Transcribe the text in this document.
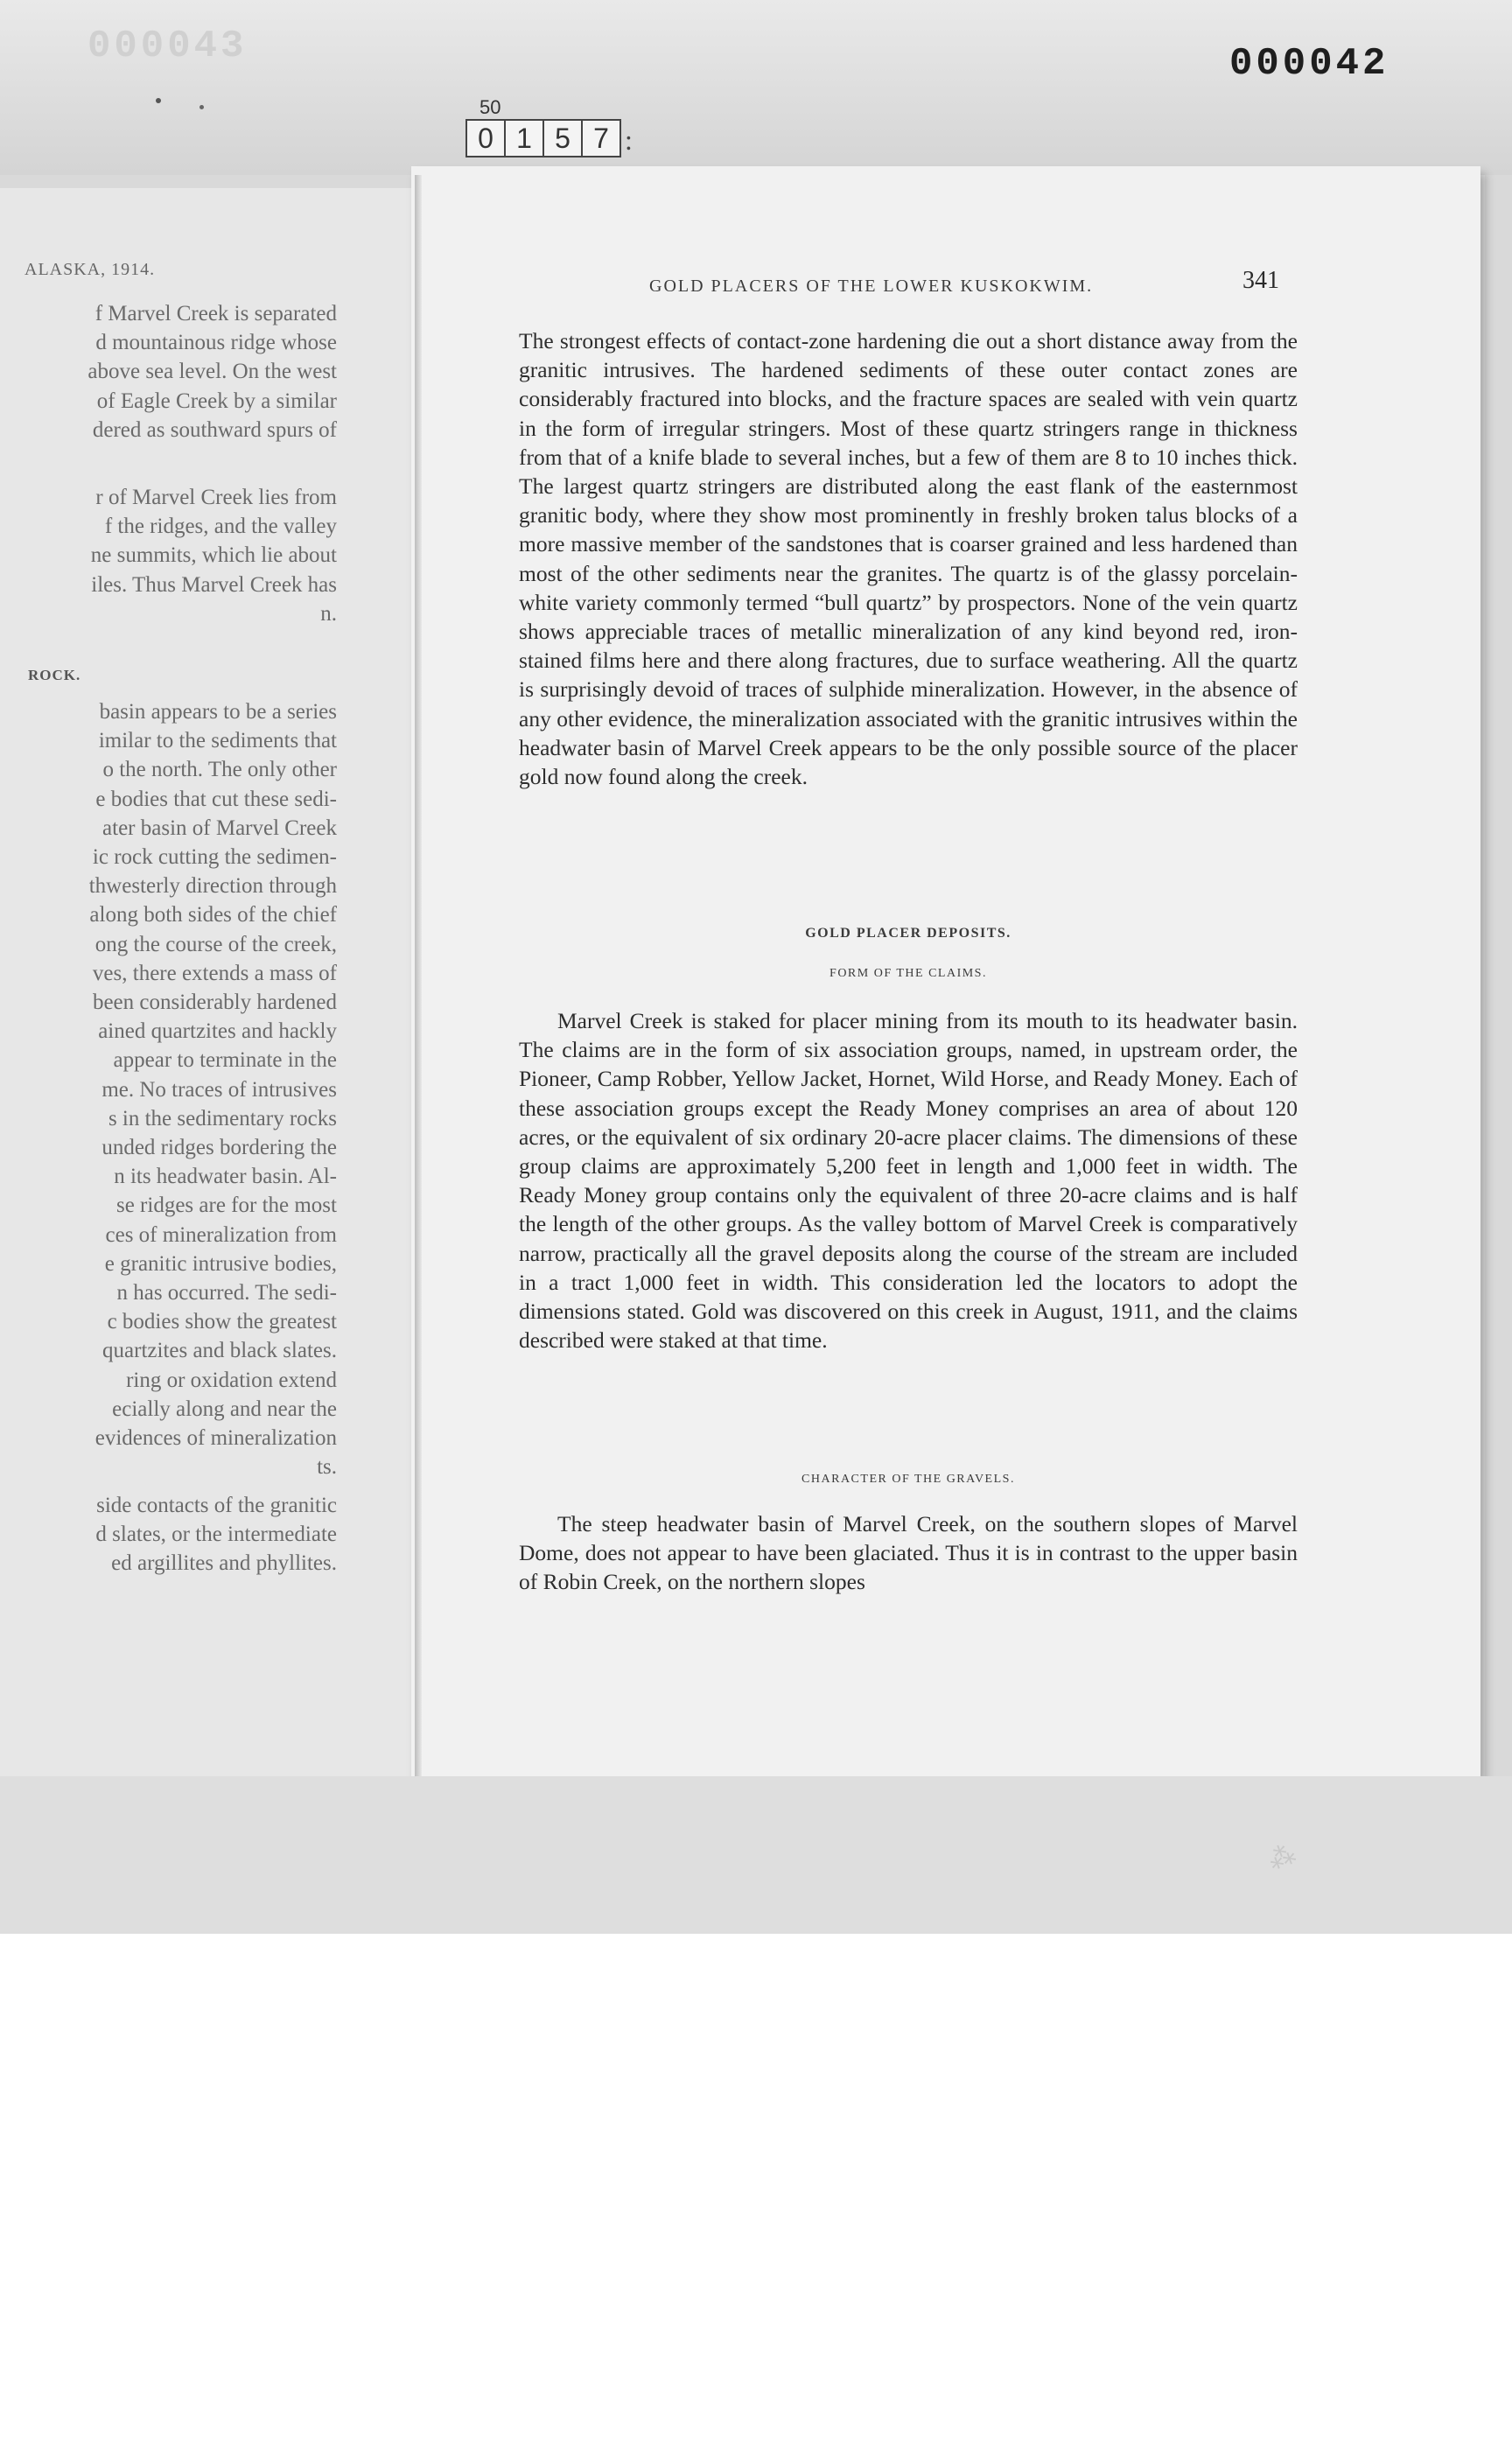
000043	000042
50
0 1 5 7 :
ALASKA, 1914.
ROCK.
GOLD PLACERS OF THE LOWER KUSKOKWIM.	341

The strongest effects of contact-zone hardening die out a short distance away from the granitic intrusives. The hardened sediments of these outer contact zones are considerably fractured into blocks, and the fracture spaces are sealed with vein quartz in the form of irregular stringers. Most of these quartz stringers range in thickness from that of a knife blade to several inches, but a few of them are 8 to 10 inches thick. The largest quartz stringers are distributed along the east flank of the easternmost granitic body, where they show most prominently in freshly broken talus blocks of a more massive member of the sandstones that is coarser grained and less hardened than most of the other sediments near the granites. The quartz is of the glassy porcelain-white variety commonly termed “bull quartz” by prospectors. None of the vein quartz shows appreciable traces of metallic mineralization of any kind beyond red, iron-stained films here and there along fractures, due to surface weathering. All the quartz is surprisingly devoid of traces of sulphide mineralization. However, in the absence of any other evidence, the mineralization associated with the granitic intrusives within the headwater basin of Marvel Creek appears to be the only possible source of the placer gold now found along the creek.

GOLD PLACER DEPOSITS.
FORM OF THE CLAIMS.

Marvel Creek is staked for placer mining from its mouth to its headwater basin. The claims are in the form of six association groups, named, in upstream order, the Pioneer, Camp Robber, Yellow Jacket, Hornet, Wild Horse, and Ready Money. Each of these association groups except the Ready Money comprises an area of about 120 acres, or the equivalent of six ordinary 20-acre placer claims. The dimensions of these group claims are approximately 5,200 feet in length and 1,000 feet in width. The Ready Money group contains only the equivalent of three 20-acre claims and is half the length of the other groups. As the valley bottom of Marvel Creek is comparatively narrow, practically all the gravel deposits along the course of the stream are included in a tract 1,000 feet in width. This consideration led the locators to adopt the dimensions stated. Gold was discovered on this creek in August, 1911, and the claims described were staked at that time.

CHARACTER OF THE GRAVELS.

The steep headwater basin of Marvel Creek, on the southern slopes of Marvel Dome, does not appear to have been glaciated. Thus it is in contrast to the upper basin of Robin Creek, on the northern slopes

⁂
f Marvel Creek is separated
d mountainous ridge whose
above sea level. On the west
of Eagle Creek by a similar
dered as southward spurs of
r of Marvel Creek lies from
f the ridges, and the valley
ne summits, which lie about
iles. Thus Marvel Creek has
n.
basin appears to be a series
imilar to the sediments that
o the north. The only other
e bodies that cut these sedi-
ater basin of Marvel Creek
ic rock cutting the sedimen-
thwesterly direction through
along both sides of the chief
ong the course of the creek,
ves, there extends a mass of
been considerably hardened
ained quartzites and hackly
appear to terminate in the
me. No traces of intrusives
s in the sedimentary rocks
unded ridges bordering the
n its headwater basin. Al-
se ridges are for the most
ces of mineralization from
e granitic intrusive bodies,
n has occurred. The sedi-
c bodies show the greatest
quartzites and black slates.
ring or oxidation extend
ecially along and near the
evidences of mineralization
ts.
side contacts of the granitic
d slates, or the intermediate
ed argillites and phyllites.
